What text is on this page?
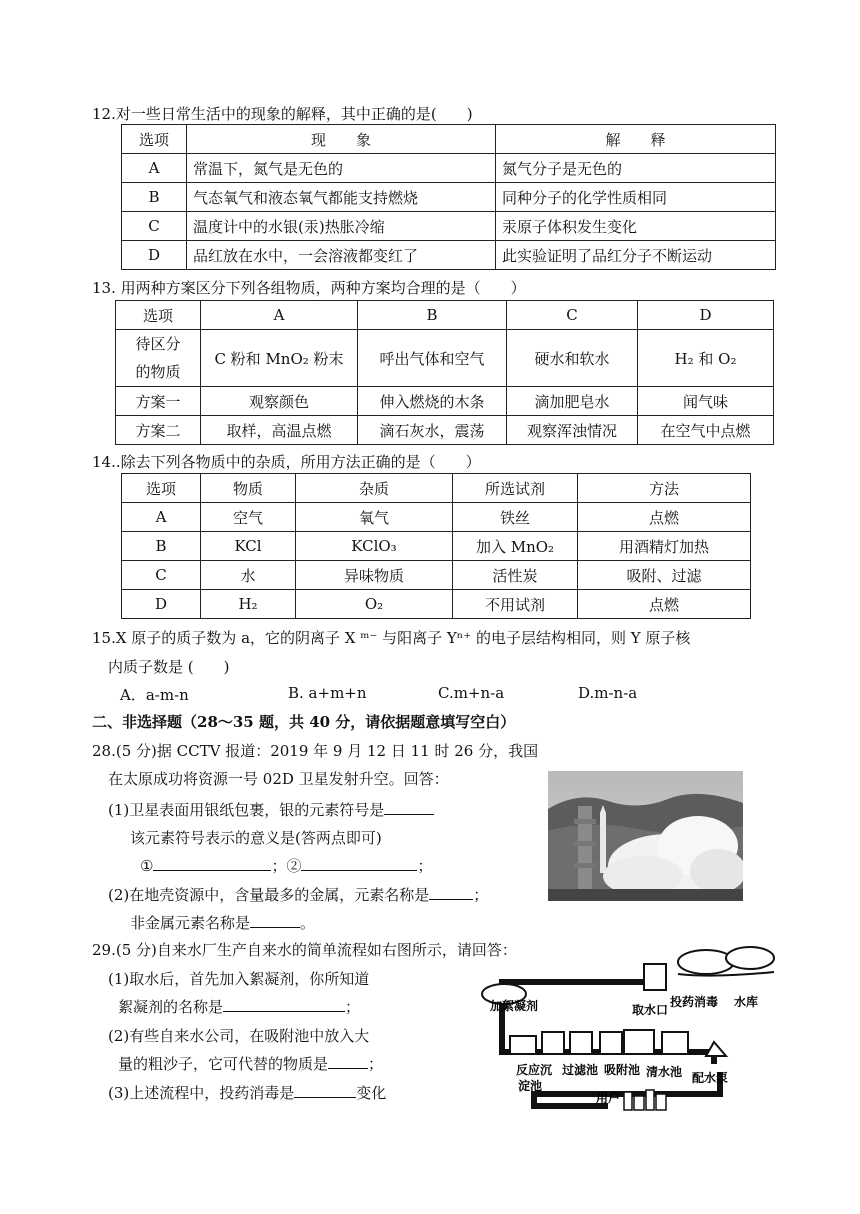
12.对一些日常生活中的现象的解释，其中正确的是(　　)
选项	现　　象	解　　释
A	常温下，氮气是无色的	氮气分子是无色的
B	气态氧气和液态氧气都能支持燃烧	同种分子的化学性质相同
C	温度计中的水银(汞)热胀冷缩	汞原子体积发生变化
D	品红放在水中，一会溶液都变红了	此实验证明了品红分子不断运动
13. 用两种方案区分下列各组物质，两种方案均合理的是（　　）
选项	A	B	C	D

待区分
的物质	C 粉和 MnO₂ 粉末	呼出气体和空气	硬水和软水	H₂ 和 O₂
方案一	观察颜色	伸入燃烧的木条	滴加肥皂水	闻气味
方案二	取样，高温点燃	滴石灰水，震荡	观察浑浊情况	在空气中点燃
14..除去下列各物质中的杂质，所用方法正确的是（　　）
选项	物质	杂质	所选试剂	方法
A	空气	氧气	铁丝	点燃
B	KCl	KClO₃	加入 MnO₂	用酒精灯加热
C	水	异味物质	活性炭	吸附、过滤
D	H₂	O₂	不用试剂	点燃
15.X 原子的质子数为 a，它的阴离子 X ᵐ⁻ 与阳离子 Yⁿ⁺ 的电子层结构相同，则 Y 原子核
内质子数是 (　　)
A．a-m-n	B. a+m+n	C.m+n-a	D.m-n-a
二、非选择题（28～35 题，共 40 分，请依据题意填写空白）
28.(5 分)据 CCTV 报道：2019 年 9 月 12 日 11 时 26 分，我国
在太原成功将资源一号 02D 卫星发射升空。回答：
(1)卫星表面用银纸包裹，银的元素符号是
该元素符号表示的意义是(答两点即可)
①	；②	；
(2)在地壳资源中，含量最多的金属，元素名称是	；
非金属元素名称是	。
29.(5 分)自来水厂生产自来水的简单流程如右图所示，请回答：
(1)取水后，首先加入絮凝剂，你所知道
絮凝剂的名称是	；
(2)有些自来水公司，在吸附池中放入大
量的粗沙子，它可代替的物质是	；
(3)上述流程中，投药消毒是	变化
取水口
投药消毒 水库
加絮凝剂
反应沉
淀池
过滤池 吸附池 清水池 配水泵
用户
